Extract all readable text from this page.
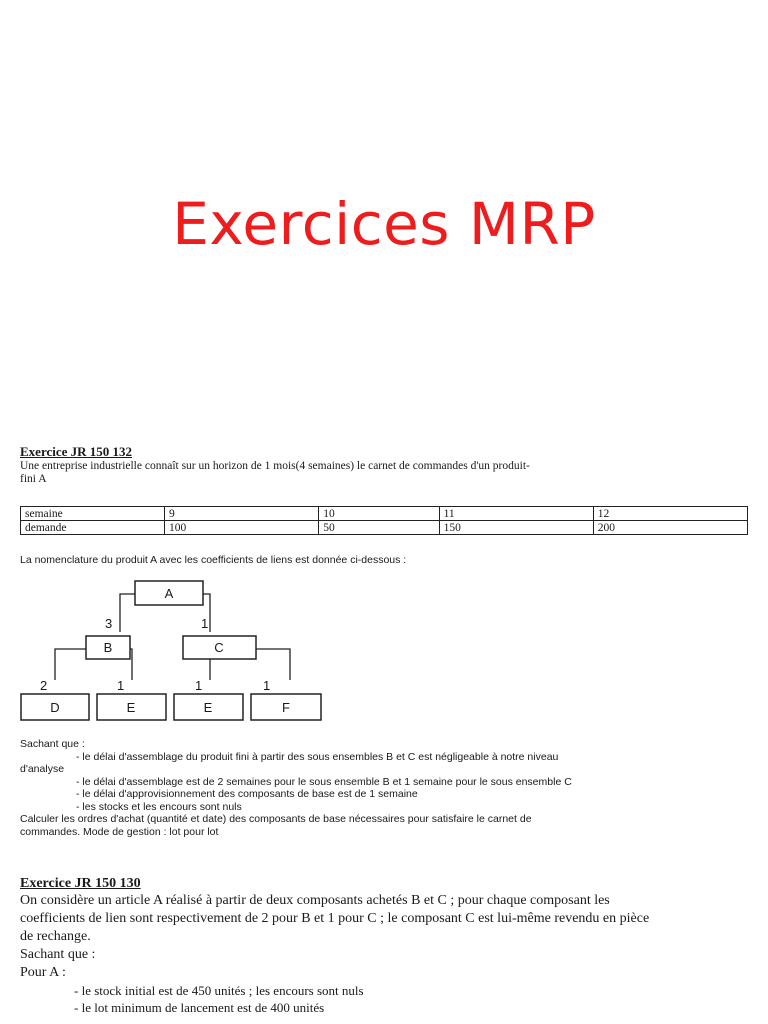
Exercices MRP
Exercice JR 150 132
Une entreprise industrielle connaît sur un horizon de 1 mois(4 semaines) le carnet de commandes d'un produit-
fini A
semaine	9	10	11	12
demande	100	50	150	200
La nomenclature du produit A avec les coefficients de liens est donnée ci-dessous :
A
B	C
D	E	E	F
3	1
2	1	1	1
Sachant que :
- le délai d'assemblage du produit fini à partir des sous ensembles B et C est négligeable à notre niveau
d'analyse
- le délai d'assemblage est de 2 semaines pour le sous ensemble B et 1 semaine pour le sous ensemble C
- le délai d'approvisionnement des composants de base est de 1 semaine
- les stocks et les encours sont nuls
Calculer les ordres d'achat (quantité et date) des composants de base nécessaires pour satisfaire le carnet de
commandes. Mode de gestion : lot pour lot
Exercice JR 150 130
On considère un article A réalisé à partir de deux composants achetés B et C ; pour chaque composant les
coefficients de lien sont respectivement de 2 pour B et 1 pour C ; le composant C est lui-même revendu en pièce
de rechange.
Sachant que :
Pour A :
- le stock initial est de 450 unités ; les encours sont nuls
- le lot minimum de lancement est de 400 unités
